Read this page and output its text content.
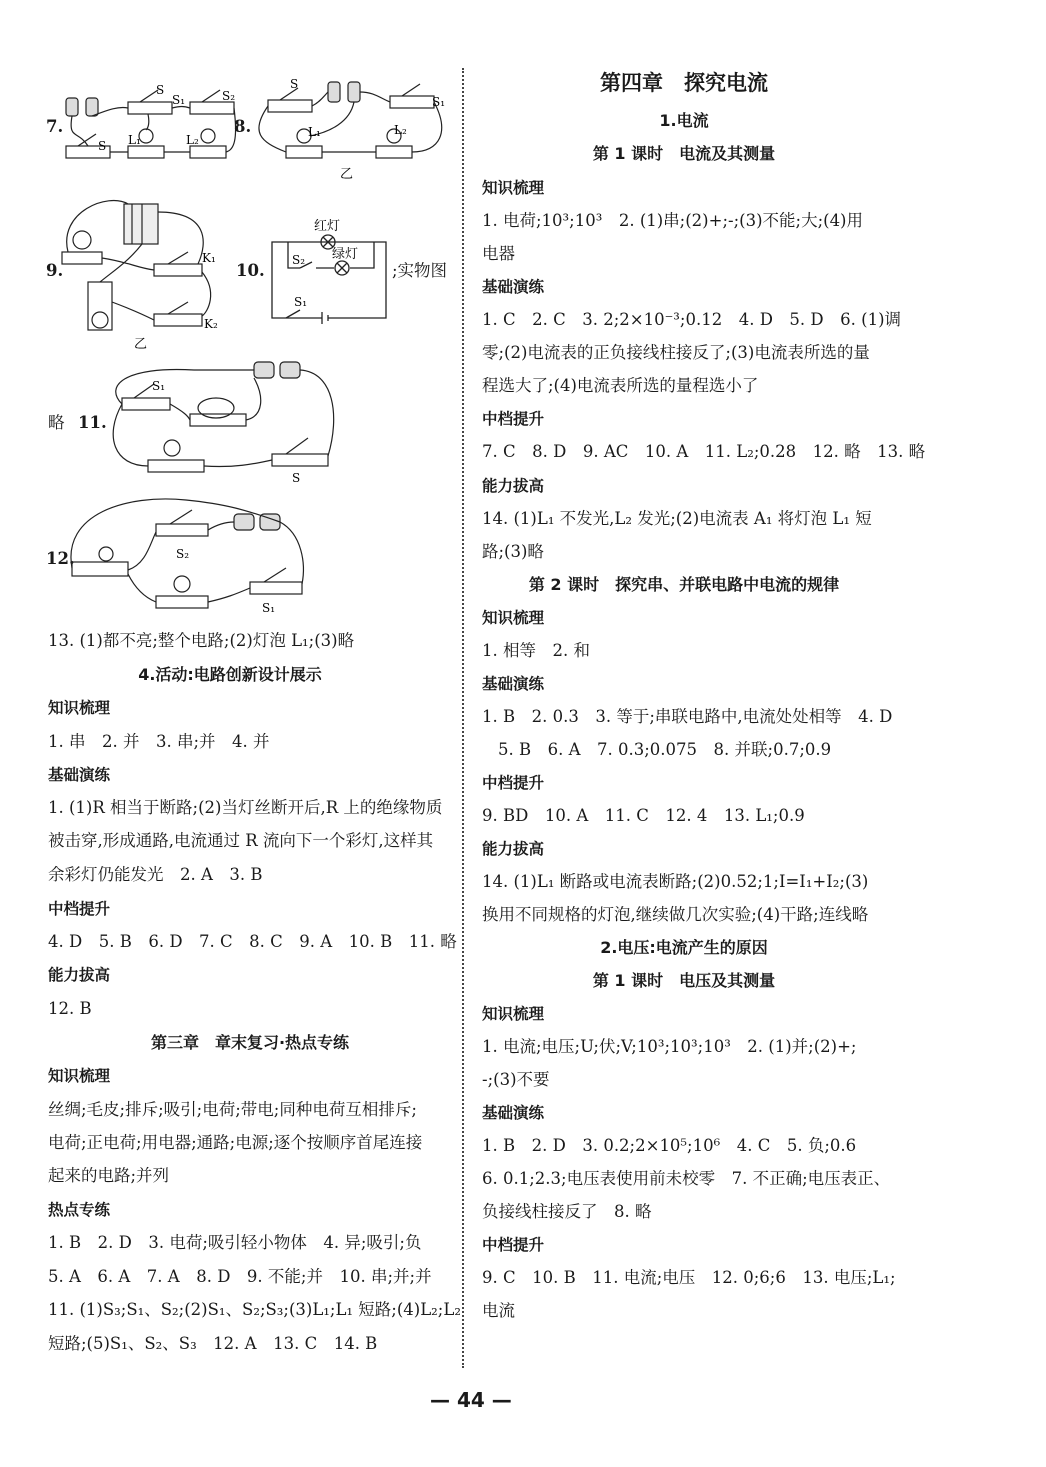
7.
S
S₁	S₂
S L₁	L₂
8.
S
S₁
L₁	L₂
乙
9.
K₁
K₂
乙
10.
红灯
绿灯
S₂
S₁
;实物图
略 11.
S₁
S
12.	S₂
S₁
13. (1)都不亮;整个电路;(2)灯泡 L₁;(3)略
4.活动:电路创新设计展示
知识梳理
1. 串　2. 并　3. 串;并　4. 并
基础演练
1. (1)R 相当于断路;(2)当灯丝断开后,R 上的绝缘物质
被击穿,形成通路,电流通过 R 流向下一个彩灯,这样其
余彩灯仍能发光　2. A　3. B
中档提升
4. D　5. B　6. D　7. C　8. C　9. A　10. B　11. 略
能力拔高
12. B
第三章　章末复习·热点专练
知识梳理
丝绸;毛皮;排斥;吸引;电荷;带电;同种电荷互相排斥;
电荷;正电荷;用电器;通路;电源;逐个按顺序首尾连接
起来的电路;并列
热点专练
1. B　2. D　3. 电荷;吸引轻小物体　4. 异;吸引;负
5. A　6. A　7. A　8. D　9. 不能;并　10. 串;并;并
11. (1)S₃;S₁、S₂;(2)S₁、S₂;S₃;(3)L₁;L₁ 短路;(4)L₂;L₂
短路;(5)S₁、S₂、S₃　12. A　13. C　14. B
第四章　探究电流
1.电流
第 1 课时　电流及其测量
知识梳理
1. 电荷;10³;10³　2. (1)串;(2)+;-;(3)不能;大;(4)用
电器
基础演练
1. C　2. C　3. 2;2×10⁻³;0.12　4. D　5. D　6. (1)调
零;(2)电流表的正负接线柱接反了;(3)电流表所选的量
程选大了;(4)电流表所选的量程选小了
中档提升
7. C　8. D　9. AC　10. A　11. L₂;0.28　12. 略　13. 略
能力拔高
14. (1)L₁ 不发光,L₂ 发光;(2)电流表 A₁ 将灯泡 L₁ 短
路;(3)略
第 2 课时　探究串、并联电路中电流的规律
知识梳理
1. 相等　2. 和
基础演练
1. B　2. 0.3　3. 等于;串联电路中,电流处处相等　4. D
5. B　6. A　7. 0.3;0.075　8. 并联;0.7;0.9
中档提升
9. BD　10. A　11. C　12. 4　13. L₁;0.9
能力拔高
14. (1)L₁ 断路或电流表断路;(2)0.52;1;I=I₁+I₂;(3)
换用不同规格的灯泡,继续做几次实验;(4)干路;连线略
2.电压:电流产生的原因
第 1 课时　电压及其测量
知识梳理
1. 电流;电压;U;伏;V;10³;10³;10³　2. (1)并;(2)+;
-;(3)不要
基础演练
1. B　2. D　3. 0.2;2×10⁵;10⁶　4. C　5. 负;0.6
6. 0.1;2.3;电压表使用前未校零　7. 不正确;电压表正、
负接线柱接反了　8. 略
中档提升
9. C　10. B　11. 电流;电压　12. 0;6;6　13. 电压;L₁;
电流
— 44 —
